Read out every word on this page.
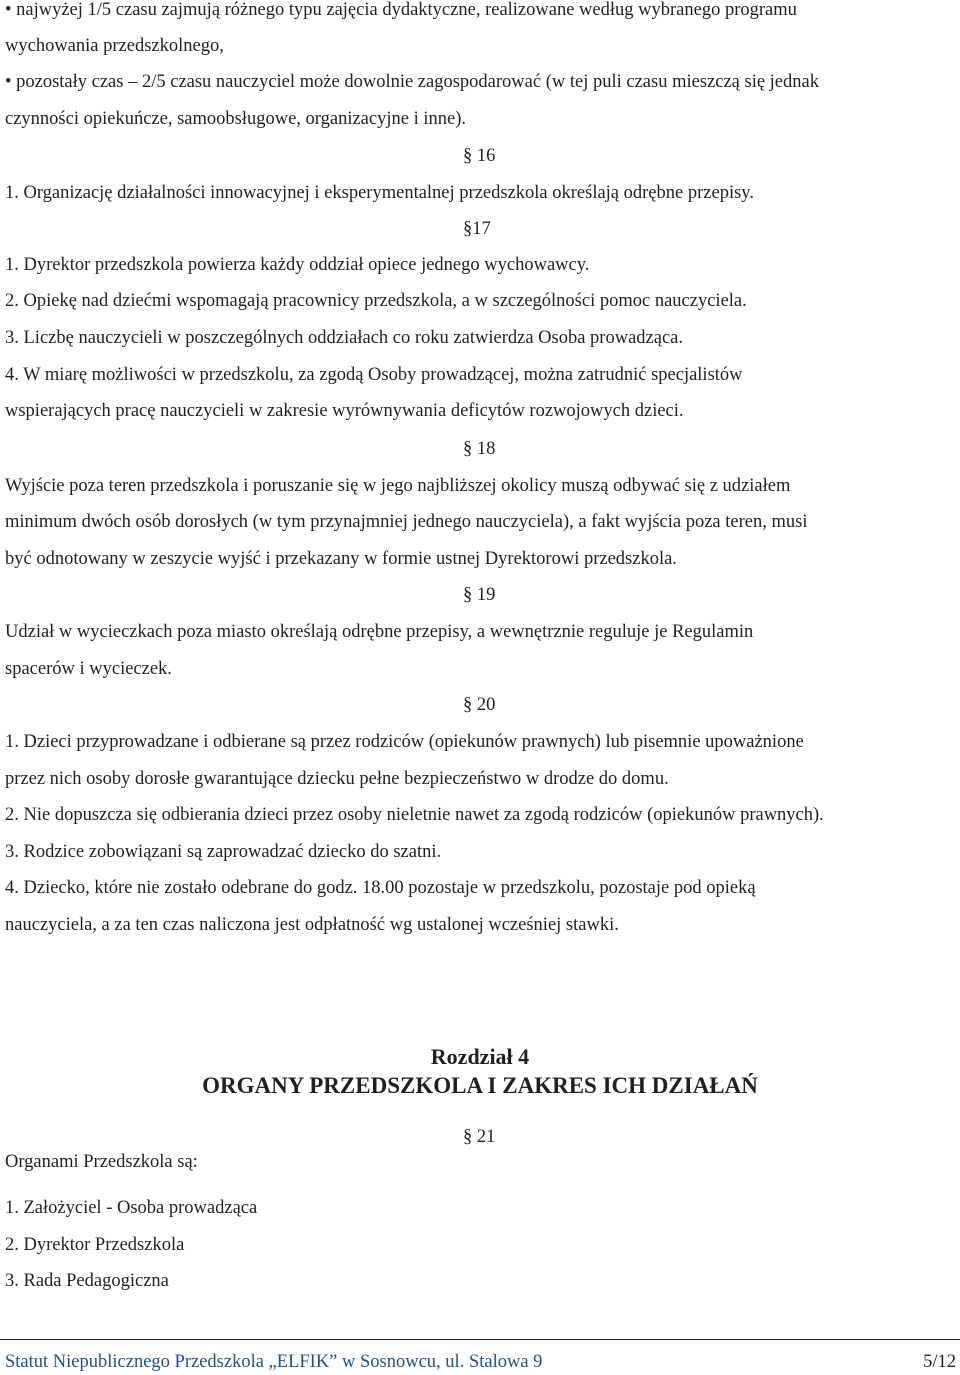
• najwyżej 1/5 czasu zajmują różnego typu zajęcia dydaktyczne, realizowane według wybranego programu
wychowania przedszkolnego,
• pozostały czas – 2/5 czasu nauczyciel może dowolnie zagospodarować (w tej puli czasu mieszczą się jednak
czynności opiekuńcze, samoobsługowe, organizacyjne i inne).
§ 16
1. Organizację działalności innowacyjnej i eksperymentalnej przedszkola określają odrębne przepisy.
§17
1. Dyrektor przedszkola powierza każdy oddział opiece jednego wychowawcy.
2. Opiekę nad dziećmi wspomagają pracownicy przedszkola, a w szczególności pomoc nauczyciela.
3. Liczbę nauczycieli w poszczególnych oddziałach co roku zatwierdza Osoba prowadząca.
4. W miarę możliwości w przedszkolu, za zgodą Osoby prowadzącej, można zatrudnić specjalistów
wspierających pracę nauczycieli w zakresie wyrównywania deficytów rozwojowych dzieci.
§ 18
Wyjście poza teren przedszkola i poruszanie się w jego najbliższej okolicy muszą odbywać się z udziałem
minimum dwóch osób dorosłych (w tym przynajmniej jednego nauczyciela), a fakt wyjścia poza teren, musi
być odnotowany w zeszycie wyjść i przekazany w formie ustnej Dyrektorowi przedszkola.
§ 19
Udział w wycieczkach poza miasto określają odrębne przepisy, a wewnętrznie reguluje je Regulamin
spacerów i wycieczek.
§ 20
1. Dzieci przyprowadzane i odbierane są przez rodziców (opiekunów prawnych) lub pisemnie upoważnione
przez nich osoby dorosłe gwarantujące dziecku pełne bezpieczeństwo w drodze do domu.
2. Nie dopuszcza się odbierania dzieci przez osoby nieletnie nawet za zgodą rodziców (opiekunów prawnych).
3. Rodzice zobowiązani są zaprowadzać dziecko do szatni.
4. Dziecko, które nie zostało odebrane do godz. 18.00 pozostaje w przedszkolu, pozostaje pod opieką
nauczyciela, a za ten czas naliczona jest odpłatność wg ustalonej wcześniej stawki.
Rozdział 4
ORGANY PRZEDSZKOLA I ZAKRES ICH DZIAŁAŃ
§ 21
Organami Przedszkola są:
1. Założyciel - Osoba prowadząca
2. Dyrektor Przedszkola
3. Rada Pedagogiczna
Statut Niepublicznego Przedszkola „ELFIK” w Sosnowcu, ul. Stalowa 9	5/12
